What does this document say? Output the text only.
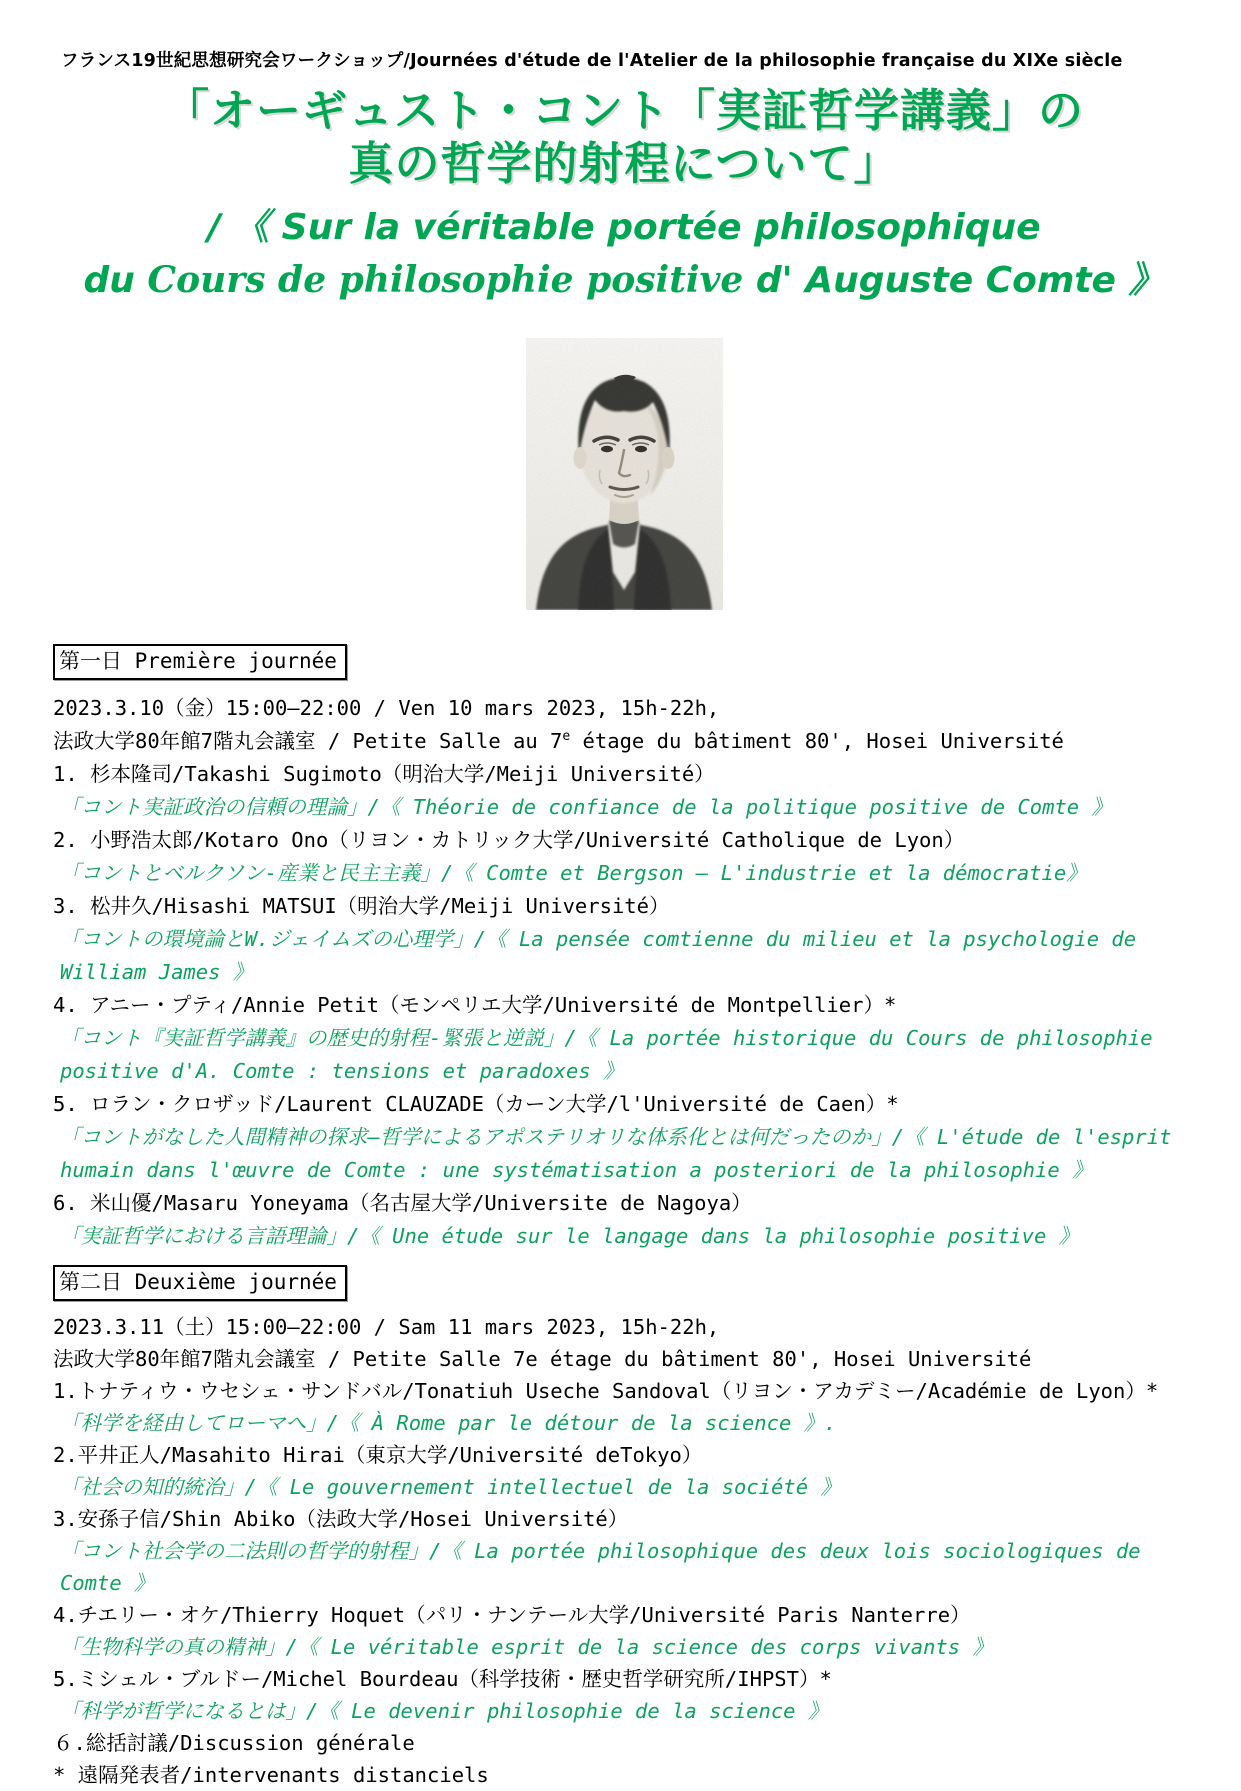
フランス19世紀思想研究会ワークショップ/Journées d'étude de l'Atelier de la philosophie française du XIXe siècle
「オーギュスト・コント「実証哲学講義」の
真の哲学的射程について」
/ 《 Sur la véritable portée philosophique
du Cours de philosophie positive d' Auguste Comte 》
第一日 Première journée
2023.3.10（金）15:00—22:00 / Ven 10 mars 2023, 15h-22h,
法政大学80年館7階丸会議室 / Petite Salle au 7e étage du bâtiment 80', Hosei Université
1. 杉本隆司/Takashi Sugimoto（明治大学/Meiji Université）
「コント実証政治の信頼の理論」/《 Théorie de confiance de la politique positive de Comte 》
2. 小野浩太郎/Kotaro Ono（リヨン・カトリック大学/Université Catholique de Lyon）
「コントとベルクソン-産業と民主主義」/《 Comte et Bergson – L'industrie et la démocratie》
3. 松井久/Hisashi MATSUI（明治大学/Meiji Université）
「コントの環境論とW.ジェイムズの心理学」/《 La pensée comtienne du milieu et la psychologie de William James 》
4. アニー・プティ/Annie Petit（モンペリエ大学/Université de Montpellier）*
「コント『実証哲学講義』の歴史的射程-緊張と逆説」/《 La portée historique du Cours de philosophie positive d'A. Comte : tensions et paradoxes 》
5. ロラン・クロザッド/Laurent CLAUZADE（カーン大学/l'Université de Caen）*
「コントがなした人間精神の探求—哲学によるアポステリオリな体系化とは何だったのか」/《 L'étude de l'esprit humain dans l'œuvre de Comte : une systématisation a posteriori de la philosophie 》
6. 米山優/Masaru Yoneyama（名古屋大学/Universite de Nagoya）
「実証哲学における言語理論」/《 Une étude sur le langage dans la philosophie positive 》
第二日 Deuxième journée
2023.3.11（土）15:00—22:00 / Sam 11 mars 2023, 15h-22h,
法政大学80年館7階丸会議室 / Petite Salle 7e étage du bâtiment 80', Hosei Université
1.トナティウ・ウセシェ・サンドバル/Tonatiuh Useche Sandoval（リヨン・アカデミー/Académie de Lyon）*
「科学を経由してローマへ」/《 À Rome par le détour de la science 》.
2.平井正人/Masahito Hirai（東京大学/Université deTokyo）
「社会の知的統治」/《 Le gouvernement intellectuel de la société 》
3.安孫子信/Shin Abiko（法政大学/Hosei Université）
「コント社会学の二法則の哲学的射程」/《 La portée philosophique des deux lois sociologiques de Comte 》
4.チエリー・オケ/Thierry Hoquet（パリ・ナンテール大学/Université Paris Nanterre）
「生物科学の真の精神」/《 Le véritable esprit de la science des corps vivants 》
5.ミシェル・ブルドー/Michel Bourdeau（科学技術・歴史哲学研究所/IHPST）*
「科学が哲学になるとは」/《 Le devenir philosophie de la science 》
６.総括討議/Discussion générale
* 遠隔発表者/intervenants distanciels
